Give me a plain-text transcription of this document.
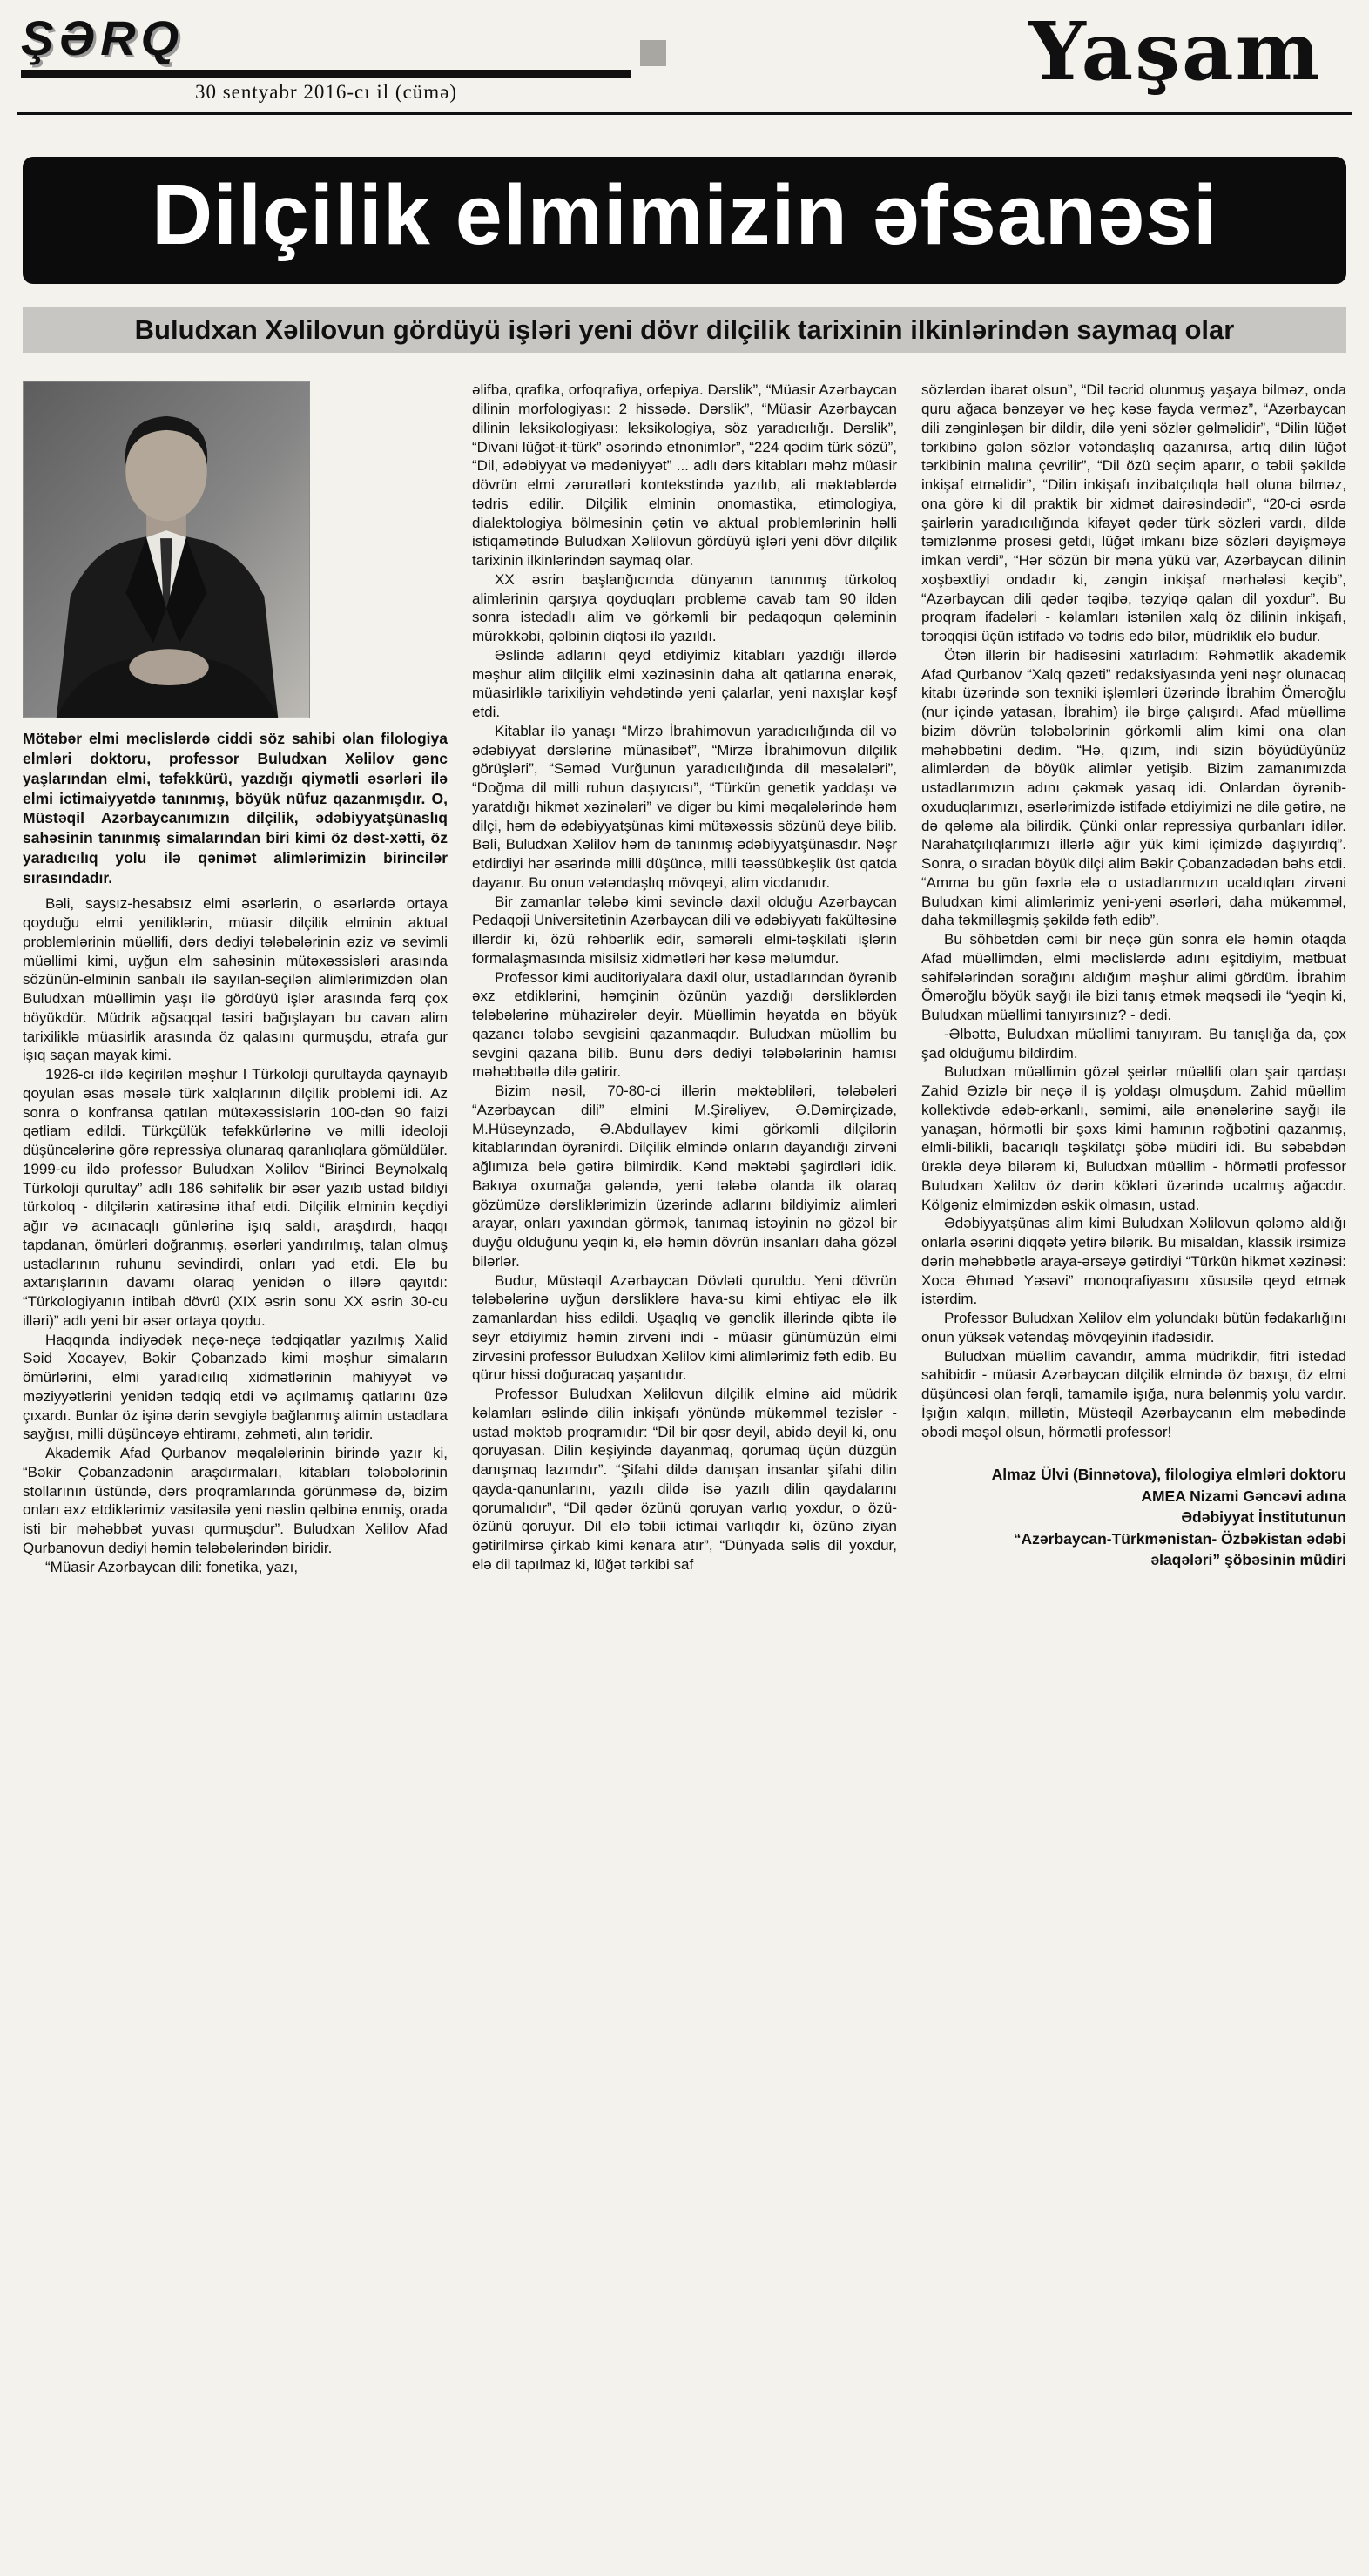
ŞƏRQ
30 sentyabr 2016-cı il (cümə)	Yaşam
Dilçilik elmimizin əfsanəsi
Buludxan Xəlilovun gördüyü işləri yeni dövr dilçilik tarixinin ilkinlərindən saymaq olar

Mötəbər elmi məclislərdə ciddi söz sahibi olan filologiya elmləri doktoru, professor Buludxan Xəlilov gənc yaşlarından elmi, təfəkkürü, yazdığı qiymətli əsərləri ilə elmi ictimaiyyətdə tanınmış, böyük nüfuz qazanmışdır. O, Müstəqil Azərbaycanımızın dilçilik, ədəbiyyatşünaslıq sahəsinin tanınmış simalarından biri kimi öz dəst-xətti, öz yaradıcılıq yolu ilə qənimət alimlərimizin birincilər sırasındadır.

Bəli, saysız-hesabsız elmi əsərlərin, o əsərlərdə ortaya qoyduğu elmi yeniliklərin, müasir dilçilik elminin aktual problemlərinin müəllifi, dərs dediyi tələbələrinin əziz və sevimli müəllimi kimi, uyğun elm sahəsinin mütəxəssisləri arasında sözünün-elminin sanbalı ilə sayılan-seçilən alimlərimizdən olan Buludxan müəllimin yaşı ilə gördüyü işlər arasında fərq çox böyükdür. Müdrik ağsaqqal təsiri bağışlayan bu cavan alim tarixiliklə müasirlik arasında öz qalasını qurmuşdu, ətrafa gur işıq saçan mayak kimi.

1926-cı ildə keçirilən məşhur I Türkoloji qurultayda qaynayıb qoyulan əsas məsələ türk xalqlarının dilçilik problemi idi. Az sonra o konfransa qatılan mütəxəssislərin 100-dən 90 faizi qətliam edildi. Türkçülük təfəkkürlərinə və milli ideoloji düşüncələrinə görə repressiya olunaraq qaranlıqlara gömüldülər. 1999-cu ildə professor Buludxan Xəlilov “Birinci Beynəlxalq Türkoloji qurultay” adlı 186 səhifəlik bir əsər yazıb ustad bildiyi türkoloq - dilçilərin xatirəsinə ithaf etdi. Dilçilik elminin keçdiyi ağır və acınacaqlı günlərinə işıq saldı, araşdırdı, haqqı tapdanan, ömürləri doğranmış, əsərləri yandırılmış, talan olmuş ustadlarının ruhunu sevindirdi, onları yad etdi. Elə bu axtarışlarının davamı olaraq yenidən o illərə qayıtdı: “Türkologiyanın intibah dövrü (XIX əsrin sonu XX əsrin 30-cu illəri)” adlı yeni bir əsər ortaya qoydu.

Haqqında indiyədək neçə-neçə tədqiqatlar yazılmış Xalid Səid Xocayev, Bəkir Çobanzadə kimi məşhur simaların ömürlərini, elmi yaradıcılıq xidmətlərinin mahiyyət və məziyyətlərini yenidən tədqiq etdi və açılmamış qatlarını üzə çıxardı. Bunlar öz işinə dərin sevgiylə bağlanmış alimin ustadlara sayğısı, milli düşüncəyə ehtiramı, zəhməti, alın təridir.

Akademik Afad Qurbanov məqalələrinin birində yazır ki, “Bəkir Çobanzadənin araşdırmaları, kitabları tələbələrinin stollarının üstündə, dərs proqramlarında görünməsə də, bizim onları əxz etdiklərimiz vasitəsilə yeni nəslin qəlbinə enmiş, orada isti bir məhəbbət yuvası qurmuşdur”. Buludxan Xəlilov Afad Qurbanovun dediyi həmin tələbələrindən biridir.

“Müasir Azərbaycan dili: fonetika, yazı,

əlifba, qrafika, orfoqrafiya, orfepiya. Dərslik”, “Müasir Azərbaycan dilinin morfologiyası: 2 hissədə. Dərslik”, “Müasir Azərbaycan dilinin leksikologiyası: leksikologiya, söz yaradıcılığı. Dərslik”, “Divani lüğət-it-türk” əsərində etnonimlər”, “224 qədim türk sözü”, “Dil, ədəbiyyat və mədəniyyət” ... adlı dərs kitabları məhz müasir dövrün elmi zərurətləri kontekstində yazılıb, ali məktəblərdə tədris edilir. Dilçilik elminin onomastika, etimologiya, dialektologiya bölməsinin çətin və aktual problemlərinin həlli istiqamətində Buludxan Xəlilovun gördüyü işləri yeni dövr dilçilik tarixinin ilkinlərindən saymaq olar.

XX əsrin başlanğıcında dünyanın tanınmış türkoloq alimlərinin qarşıya qoyduqları problemə cavab tam 90 ildən sonra istedadlı alim və görkəmli bir pedaqoqun qələminin mürəkkəbi, qəlbinin diqtəsi ilə yazıldı.

Əslində adlarını qeyd etdiyimiz kitabları yazdığı illərdə məşhur alim dilçilik elmi xəzinəsinin daha alt qatlarına enərək, müasirliklə tarixiliyin vəhdətində yeni çalarlar, yeni naxışlar kəşf etdi.

Kitablar ilə yanaşı “Mirzə İbrahimovun yaradıcılığında dil və ədəbiyyat dərslərinə münasibət”, “Mirzə İbrahimovun dilçilik görüşləri”, “Səməd Vurğunun yaradıcılığında dil məsələləri”, “Doğma dil milli ruhun daşıyıcısı”, “Türkün genetik yaddaşı və yaratdığı hikmət xəzinələri” və digər bu kimi məqalələrində həm dilçi, həm də ədəbiyyatşünas kimi mütəxəssis sözünü deyə bilib. Bəli, Buludxan Xəlilov həm də tanınmış ədəbiyyatşünasdır. Nəşr etdirdiyi hər əsərində milli düşüncə, milli təəssübkeşlik üst qatda dayanır. Bu onun vətəndaşlıq mövqeyi, alim vicdanıdır.

Bir zamanlar tələbə kimi sevinclə daxil olduğu Azərbaycan Pedaqoji Universitetinin Azərbaycan dili və ədəbiyyatı fakültəsinə illərdir ki, özü rəhbərlik edir, səmərəli elmi-təşkilati işlərin formalaşmasında misilsiz xidmətləri hər kəsə məlumdur.

Professor kimi auditoriyalara daxil olur, ustadlarından öyrənib əxz etdiklərini, həmçinin özünün yazdığı dərsliklərdən tələbələrinə mühazirələr deyir. Müəllimin həyatda ən böyük qazancı tələbə sevgisini qazanmaqdır. Buludxan müəllim bu sevgini qazana bilib. Bunu dərs dediyi tələbələrinin hamısı məhəbbətlə dilə gətirir.

Bizim nəsil, 70-80-ci illərin məktəbliləri, tələbələri “Azərbaycan dili” elmini M.Şirəliyev, Ə.Dəmirçizadə, M.Hüseynzadə, Ə.Abdullayev kimi görkəmli dilçilərin kitablarından öyrənirdi. Dilçilik elmində onların dayandığı zirvəni ağlımıza belə gətirə bilmirdik. Kənd məktəbi şagirdləri idik. Bakıya oxumağa gələndə, yeni tələbə olanda ilk olaraq gözümüzə dərsliklərimizin üzərində adlarını bildiyimiz alimləri arayar, onları yaxından görmək, tanımaq istəyinin nə gözəl bir duyğu olduğunu yəqin ki, elə həmin dövrün insanları daha gözəl bilərlər.

Budur, Müstəqil Azərbaycan Dövləti quruldu. Yeni dövrün tələbələrinə uyğun dərsliklərə hava-su kimi ehtiyac elə ilk zamanlardan hiss edildi. Uşaqlıq və gənclik illərində qibtə ilə seyr etdiyimiz həmin zirvəni indi - müasir günümüzün elmi zirvəsini professor Buludxan Xəlilov kimi alimlərimiz fəth edib. Bu qürur hissi doğuracaq yaşantıdır.

Professor Buludxan Xəlilovun dilçilik elminə aid müdrik kəlamları əslində dilin inkişafı yönündə mükəmməl tezislər -ustad məktəb proqramıdır: “Dil bir qəsr deyil, abidə deyil ki, onu qoruyasan. Dilin keşiyində dayanmaq, qorumaq üçün düzgün danışmaq lazımdır”. “Şifahi dildə danışan insanlar şifahi dilin qayda-qanunlarını, yazılı dildə isə yazılı dilin qaydalarını qorumalıdır”, “Dil qədər özünü qoruyan varlıq yoxdur, o özü-özünü qoruyur. Dil elə təbii ictimai varlıqdır ki, özünə ziyan gətirilmirsə çirkab kimi kənara atır”, “Dünyada səlis dil yoxdur, elə dil tapılmaz ki, lüğət tərkibi saf

sözlərdən ibarət olsun”, “Dil təcrid olunmuş yaşaya bilməz, onda quru ağaca bənzəyər və heç kəsə fayda verməz”, “Azərbaycan dili zənginləşən bir dildir, dilə yeni sözlər gəlməlidir”, “Dilin lüğət tərkibinə gələn sözlər vətəndaşlıq qazanırsa, artıq dilin lüğət tərkibinin malına çevrilir”, “Dil özü seçim aparır, o təbii şəkildə inkişaf etməlidir”, “Dilin inkişafı inzibatçılıqla həll oluna bilməz, ona görə ki dil praktik bir xidmət dairəsindədir”, “20-ci əsrdə şairlərin yaradıcılığında kifayət qədər türk sözləri vardı, dildə təmizlənmə prosesi getdi, lüğət imkanı bizə sözləri dəyişməyə imkan verdi”, “Hər sözün bir məna yükü var, Azərbaycan dilinin xoşbəxtliyi ondadır ki, zəngin inkişaf mərhələsi keçib”, “Azərbaycan dili qədər təqibə, təzyiqə qalan dil yoxdur”. Bu proqram ifadələri - kəlamları istənilən xalq öz dilinin inkişafı, tərəqqisi üçün istifadə və tədris edə bilər, müdriklik elə budur.

Ötən illərin bir hadisəsini xatırladım: Rəhmətlik akademik Afad Qurbanov “Xalq qəzeti” redaksiyasında yeni nəşr olunacaq kitabı üzərində son texniki işləmləri üzərində İbrahim Öməroğlu (nur içində yatasan, İbrahim) ilə birgə çalışırdı. Afad müəllimə bizim dövrün tələbələrinin görkəmli alim kimi ona olan məhəbbətini dedim. “Hə, qızım, indi sizin böyüdüyünüz alimlərdən də böyük alimlər yetişib. Bizim zamanımızda ustadlarımızın adını çəkmək yasaq idi. Onlardan öyrənib-oxuduqlarımızı, əsərlərimizdə istifadə etdiyimizi nə dilə gətirə, nə də qələmə ala bilirdik. Çünki onlar repressiya qurbanları idilər. Narahatçılıqlarımızı illərlə ağır yük kimi içimizdə daşıyırdıq”. Sonra, o sıradan böyük dilçi alim Bəkir Çobanzadədən bəhs etdi. “Amma bu gün fəxrlə elə o ustadlarımızın ucaldıqları zirvəni Buludxan kimi alimlərimiz yeni-yeni əsərləri, daha mükəmməl, daha təkmilləşmiş şəkildə fəth edib”.

Bu söhbətdən cəmi bir neçə gün sonra elə həmin otaqda Afad müəllimdən, elmi məclislərdə adını eşitdiyim, mətbuat səhifələrindən sorağını aldığım məşhur alimi gördüm. İbrahim Öməroğlu böyük sayğı ilə bizi tanış etmək məqsədi ilə “yəqin ki, Buludxan müəllimi tanıyırsınız? - dedi.

-Əlbəttə, Buludxan müəllimi tanıyıram. Bu tanışlığa da, çox şad olduğumu bildirdim.

Buludxan müəllimin gözəl şeirlər müəllifi olan şair qardaşı Zahid Əzizlə bir neçə il iş yoldaşı olmuşdum. Zahid müəllim kollektivdə ədəb-ərkanlı, səmimi, ailə ənənələrinə sayğı ilə yanaşan, hörmətli bir şəxs kimi hamının rəğbətini qazanmış, elmli-bilikli, bacarıqlı təşkilatçı şöbə müdiri idi. Bu səbəbdən ürəklə deyə bilərəm ki, Buludxan müəllim - hörmətli professor Buludxan Xəlilov öz dərin kökləri üzərində ucalmış ağacdır. Kölgəniz elmimizdən əskik olmasın, ustad.

Ədəbiyyatşünas alim kimi Buludxan Xəlilovun qələmə aldığı onlarla əsərini diqqətə yetirə bilərik. Bu misaldan, klassik irsimizə dərin məhəbbətlə araya-ərsəyə gətirdiyi “Türkün hikmət xəzinəsi: Xoca Əhməd Yəsəvi” monoqrafiyasını xüsusilə qeyd etmək istərdim.

Professor Buludxan Xəlilov elm yolundakı bütün fədakarlığını onun yüksək vətəndaş mövqeyinin ifadəsidir.

Buludxan müəllim cavandır, amma müdrikdir, fitri istedad sahibidir - müasir Azərbaycan dilçilik elmində öz baxışı, öz elmi düşüncəsi olan fərqli, tamamilə işığa, nura bələnmiş yolu vardır. İşığın xalqın, millətin, Müstəqil Azərbaycanın elm məbədində əbədi məşəl olsun, hörmətli professor!

Almaz Ülvi (Binnətova), filologiya elmləri doktoru
AMEA Nizami Gəncəvi adına
Ədəbiyyat İnstitutunun
“Azərbaycan-Türkmənistan- Özbəkistan ədəbi
əlaqələri” şöbəsinin müdiri
